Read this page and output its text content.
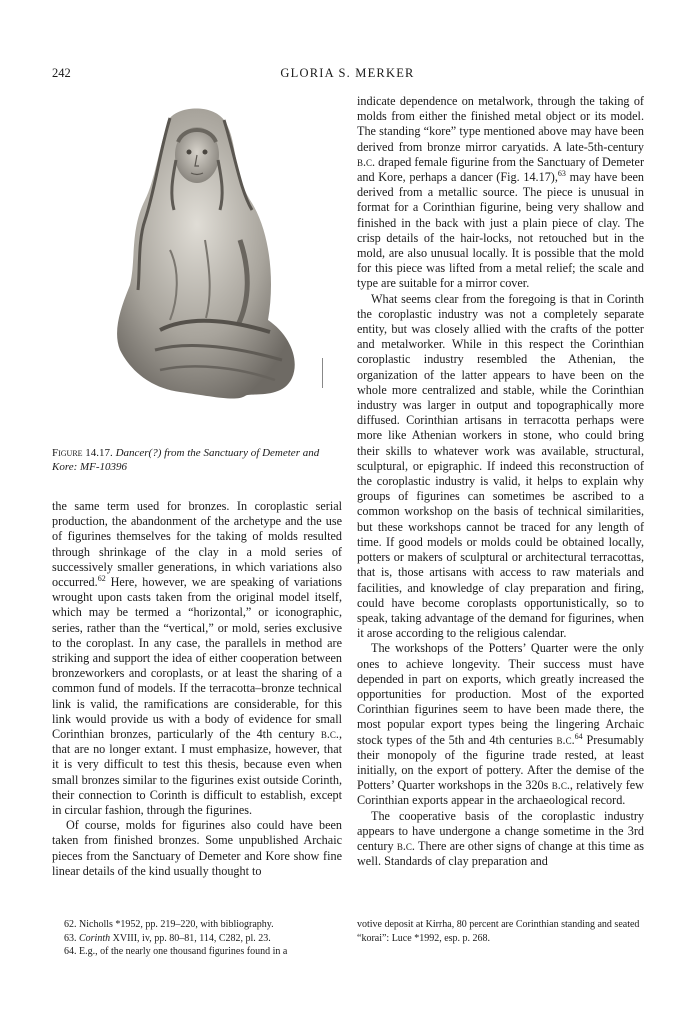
242	GLORIA S. MERKER
Figure 14.17. Dancer(?) from the Sanctuary of Demeter and Kore: MF-10396

the same term used for bronzes. In coroplastic serial production, the abandonment of the archetype and the use of figurines themselves for the taking of molds resulted through shrinkage of the clay in a mold series of successively smaller generations, in which variations also occurred.$^{62}$ Here, however, we are speaking of variations wrought upon casts taken from the original model itself, which may be termed a “horizontal,” or iconographic, series, rather than the “vertical,” or mold, series exclusive to the coroplast. In any case, the parallels in method are striking and support the idea of either cooperation between bronzeworkers and coroplasts, or at least the sharing of a common fund of models. If the terracotta–bronze technical link is valid, the ramifications are considerable, for this link would provide us with a body of evidence for small Corinthian bronzes, particularly of the 4th century b.c., that are no longer extant. I must emphasize, however, that it is very difficult to test this thesis, because even when small bronzes similar to the figurines exist outside Corinth, their connection to Corinth is difficult to establish, except in circular fashion, through the figurines.

Of course, molds for figurines also could have been taken from finished bronzes. Some unpublished Archaic pieces from the Sanctuary of Demeter and Kore show fine linear details of the kind usually thought to

indicate dependence on metalwork, through the taking of molds from either the finished metal object or its model. The standing “kore” type mentioned above may have been derived from bronze mirror caryatids. A late-5th-century b.c. draped female figurine from the Sanctuary of Demeter and Kore, perhaps a dancer (Fig. 14.17),$^{63}$ may have been derived from a metallic source. The piece is unusual in format for a Corinthian figurine, being very shallow and finished in the back with just a plain piece of clay. The crisp details of the hair-locks, not retouched but in the mold, are also unusual locally. It is possible that the mold for this piece was lifted from a metal relief; the scale and type are suitable for a mirror cover.

What seems clear from the foregoing is that in Corinth the coroplastic industry was not a completely separate entity, but was closely allied with the crafts of the potter and metalworker. While in this respect the Corinthian coroplastic industry resembled the Athenian, the organization of the latter appears to have been on the whole more centralized and stable, while the Corinthian industry was larger in output and topographically more diffused. Corinthian artisans in terracotta perhaps were more like Athenian workers in stone, who could bring their skills to whatever work was available, structural, sculptural, or epigraphic. If indeed this reconstruction of the coroplastic industry is valid, it helps to explain why groups of figurines can sometimes be ascribed to a common workshop on the basis of technical similarities, but these workshops cannot be traced for any length of time. If good models or molds could be obtained locally, potters or makers of sculptural or architectural terracottas, that is, those artisans with access to raw materials and facilities, and knowledge of clay preparation and firing, could have become coroplasts opportunistically, so to speak, taking advantage of the demand for figurines, when it arose according to the religious calendar.

The workshops of the Potters’ Quarter were the only ones to achieve longevity. Their success must have depended in part on exports, which greatly increased the opportunities for production. Most of the exported Corinthian figurines seem to have been made there, the most popular export types being the lingering Archaic stock types of the 5th and 4th centuries b.c.$^{64}$ Presumably their monopoly of the figurine trade rested, at least initially, on the export of pottery. After the demise of the Potters’ Quarter workshops in the 320s b.c., relatively few Corinthian exports appear in the archaeological record.

The cooperative basis of the coroplastic industry appears to have undergone a change sometime in the 3rd century b.c. There are other signs of change at this time as well. Standards of clay preparation and

62. Nicholls *1952, pp. 219–220, with bibliography.
63. Corinth XVIII, iv, pp. 80–81, 114, C282, pl. 23.
64. E.g., of the nearly one thousand figurines found in a
votive deposit at Kirrha, 80 percent are Corinthian standing and seated “korai”: Luce *1992, esp. p. 268.
